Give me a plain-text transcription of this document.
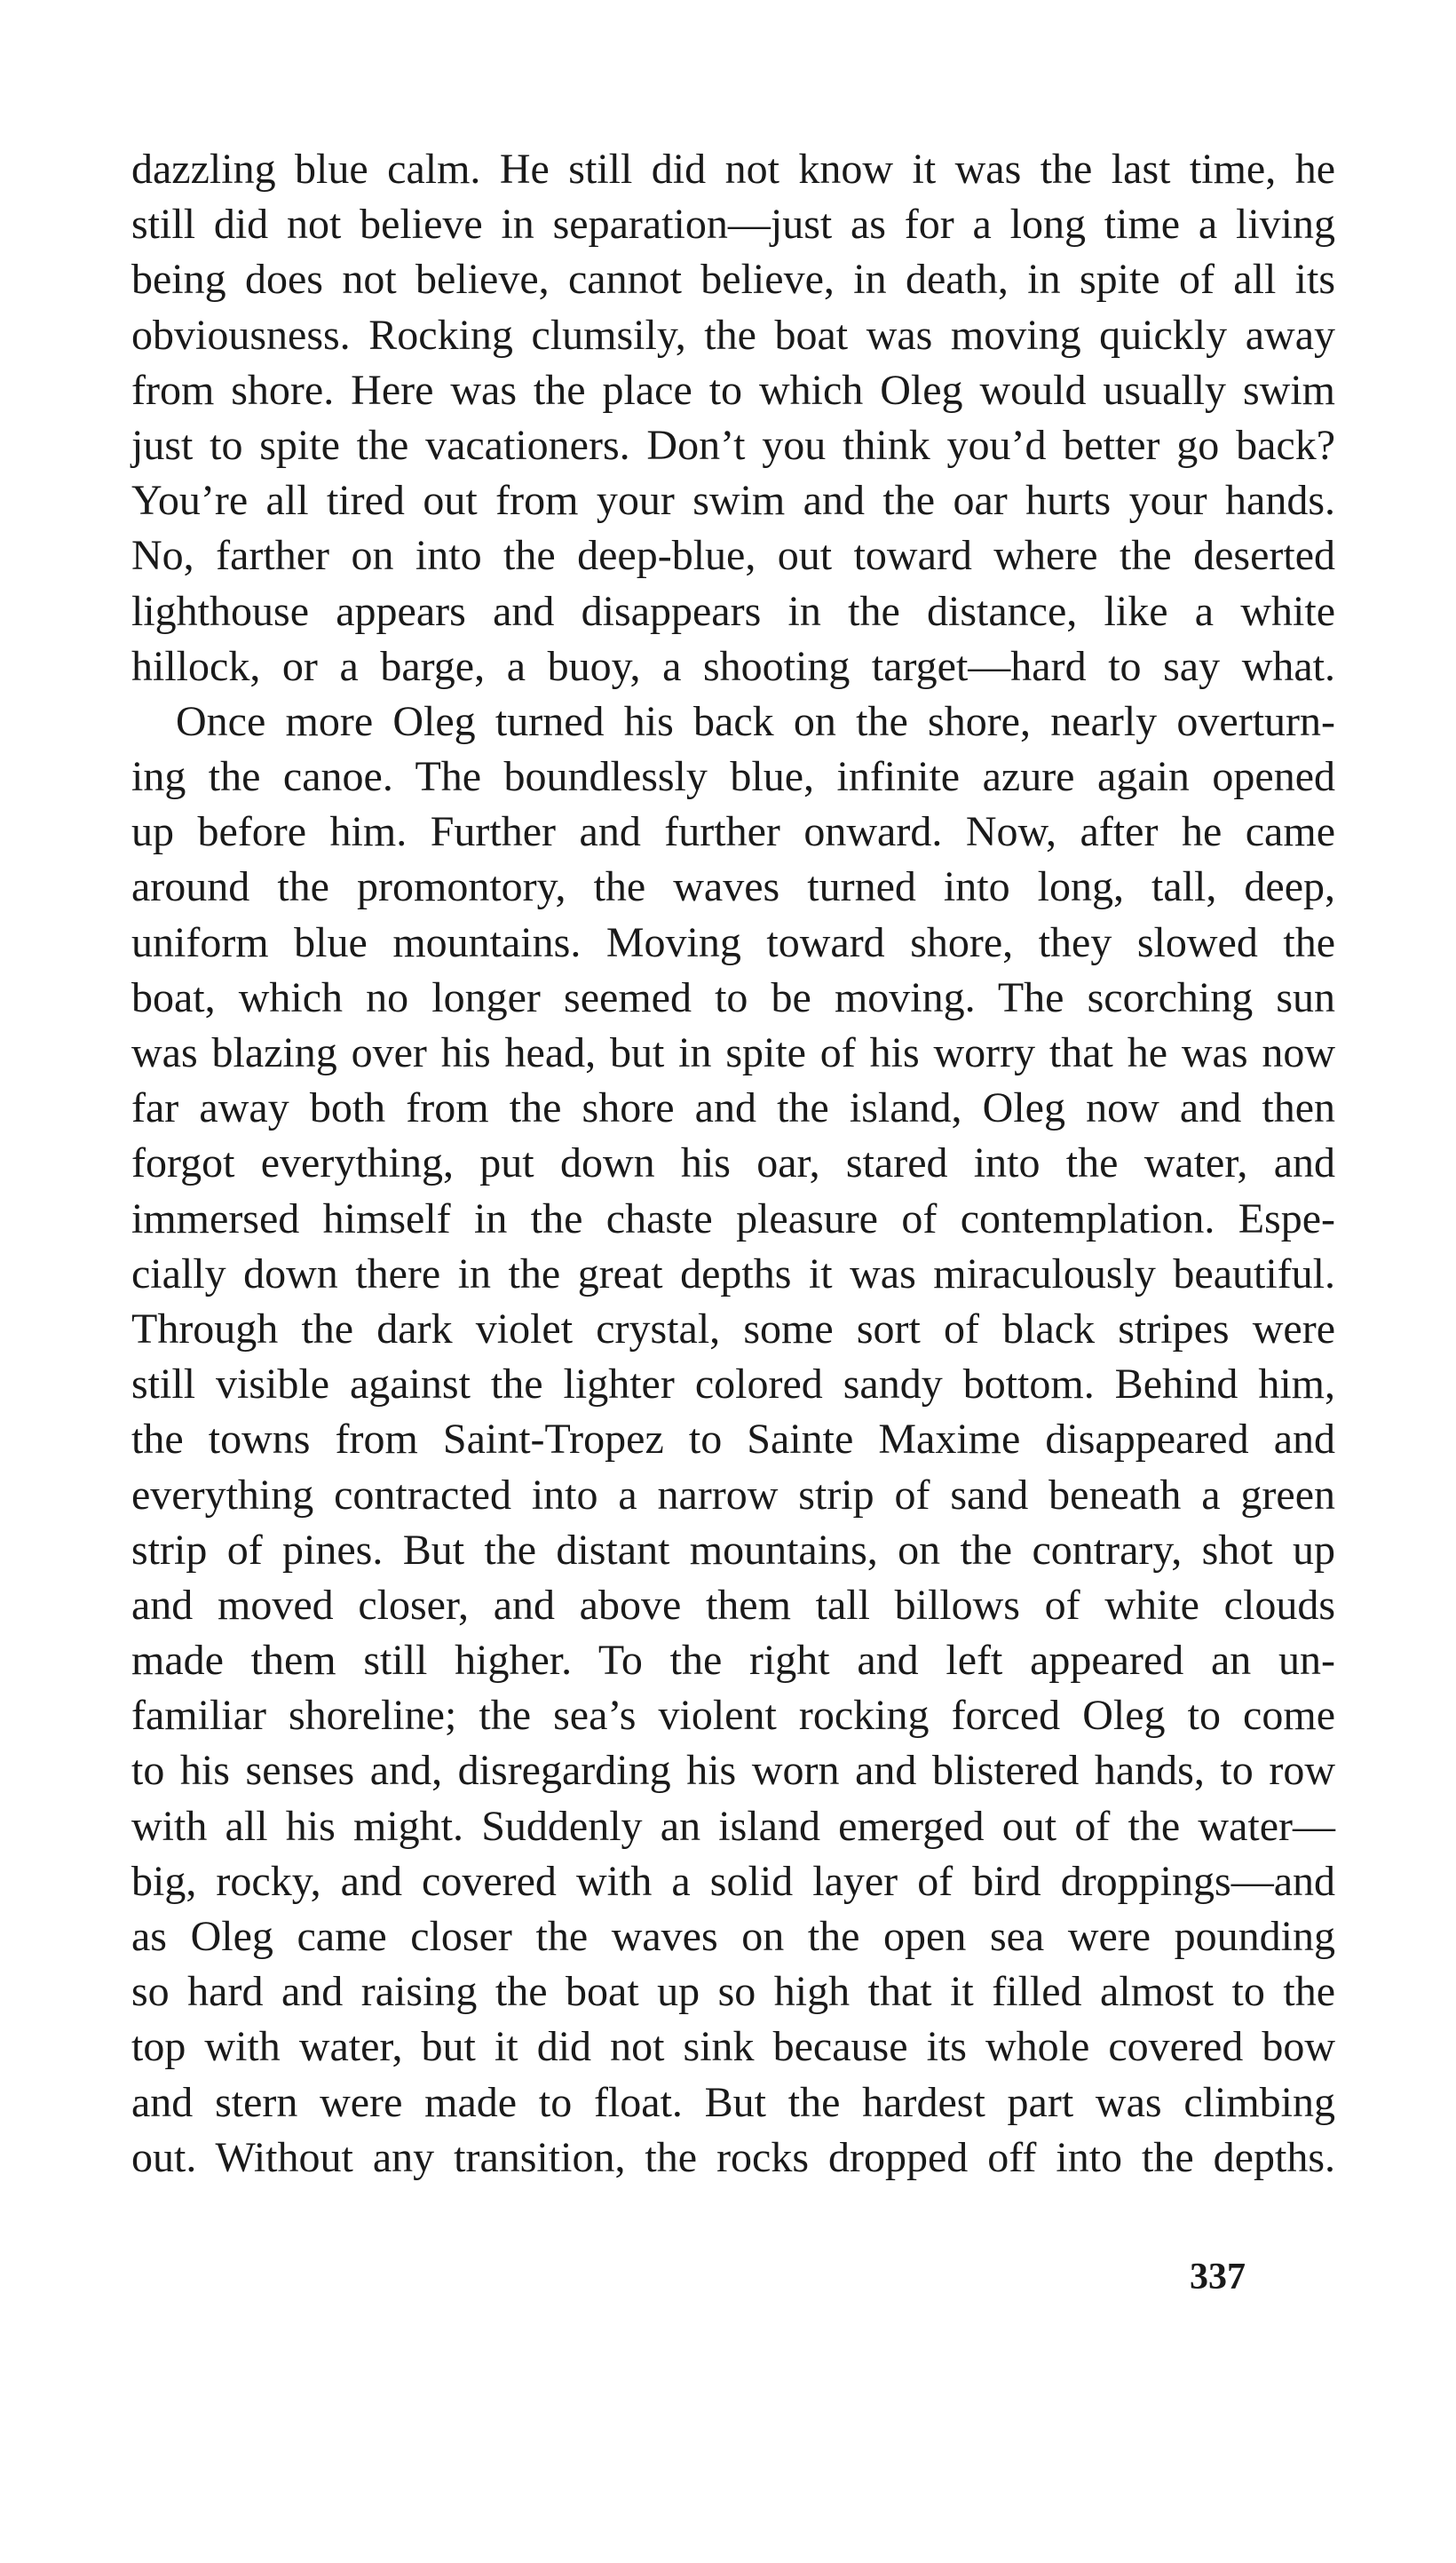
dazzling blue calm. He still did not know it was the last time, he
still did not believe in separation—just as for a long time a living
being does not believe, cannot believe, in death, in spite of all its
obviousness. Rocking clumsily, the boat was moving quickly away
from shore. Here was the place to which Oleg would usually swim
just to spite the vacationers. Don’t you think you’d better go back?
You’re all tired out from your swim and the oar hurts your hands.
No, farther on into the deep-blue, out toward where the deserted
lighthouse appears and disappears in the distance, like a white
hillock, or a barge, a buoy, a shooting target—hard to say what.
Once more Oleg turned his back on the shore, nearly overturn-
ing the canoe. The boundlessly blue, infinite azure again opened
up before him. Further and further onward. Now, after he came
around the promontory, the waves turned into long, tall, deep,
uniform blue mountains. Moving toward shore, they slowed the
boat, which no longer seemed to be moving. The scorching sun
was blazing over his head, but in spite of his worry that he was now
far away both from the shore and the island, Oleg now and then
forgot everything, put down his oar, stared into the water, and
immersed himself in the chaste pleasure of contemplation. Espe-
cially down there in the great depths it was miraculously beautiful.
Through the dark violet crystal, some sort of black stripes were
still visible against the lighter colored sandy bottom. Behind him,
the towns from Saint-Tropez to Sainte Maxime disappeared and
everything contracted into a narrow strip of sand beneath a green
strip of pines. But the distant mountains, on the contrary, shot up
and moved closer, and above them tall billows of white clouds
made them still higher. To the right and left appeared an un-
familiar shoreline; the sea’s violent rocking forced Oleg to come
to his senses and, disregarding his worn and blistered hands, to row
with all his might. Suddenly an island emerged out of the water—
big, rocky, and covered with a solid layer of bird droppings—and
as Oleg came closer the waves on the open sea were pounding
so hard and raising the boat up so high that it filled almost to the
top with water, but it did not sink because its whole covered bow
and stern were made to float. But the hardest part was climbing
out. Without any transition, the rocks dropped off into the depths.
337
